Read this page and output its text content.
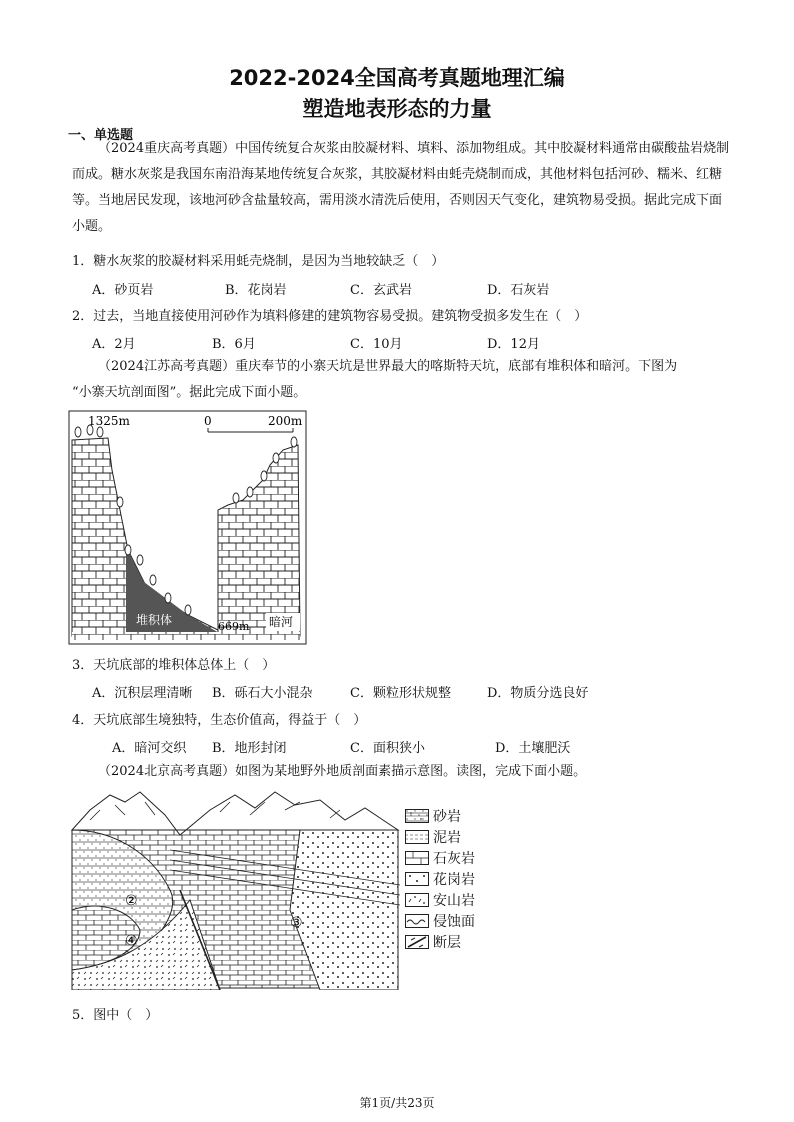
2022-2024全国高考真题地理汇编
塑造地表形态的力量
一、单选题
（2024重庆高考真题）中国传统复合灰浆由胶凝材料、填料、添加物组成。其中胶凝材料通常由碳酸盐岩烧制而成。糖水灰浆是我国东南沿海某地传统复合灰浆，其胶凝材料由蚝壳烧制而成，其他材料包括河砂、糯米、红糖等。当地居民发现，该地河砂含盐量较高，需用淡水清洗后使用，否则因天气变化，建筑物易受损。据此完成下面小题。
1．糖水灰浆的胶凝材料采用蚝壳烧制，是因为当地较缺乏（　）
A．砂页岩	B．花岗岩	C．玄武岩	D．石灰岩
2．过去，当地直接使用河砂作为填料修建的建筑物容易受损。建筑物受损多发生在（　）
A．2月	B．6月	C．10月	D．12月
（2024江苏高考真题）重庆奉节的小寨天坑是世界最大的喀斯特天坑，底部有堆积体和暗河。下图为
“小寨天坑剖面图”。据此完成下面小题。
1325m	0	200m
堆积体	669m 暗河
3．天坑底部的堆积体总体上（　）
A．沉积层理清晰 B．砾石大小混杂	C．颗粒形状规整	D．物质分选良好
4．天坑底部生境独特，生态价值高，得益于（　）
A．暗河交织 B．地形封闭	C．面积狭小	D．土壤肥沃
（2024北京高考真题）如图为某地野外地质剖面素描示意图。读图，完成下面小题。
②
③
④
砂岩
泥岩
石灰岩
花岗岩
安山岩
侵蚀面
断层
5．图中（　）
第1页/共23页
